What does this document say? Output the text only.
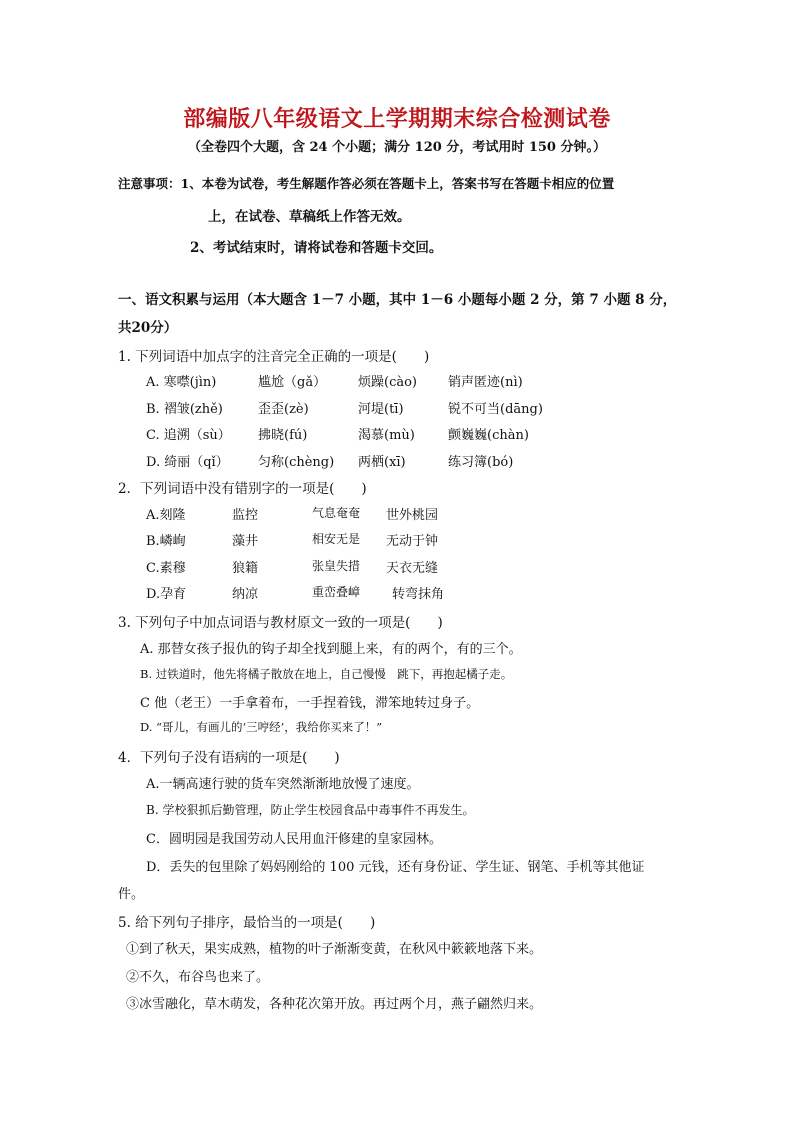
部编版八年级语文上学期期末综合检测试卷
（全卷四个大题，含 24 个小题；满分 120 分，考试用时 150 分钟。）
注意事项：1、本卷为试卷，考生解题作答必须在答题卡上，答案书写在答题卡相应的位置
上，在试卷、草稿纸上作答无效。
2、考试结束时，请将试卷和答题卡交回。
一、语文积累与运用（本大题含 1－7 小题，其中 1－6 小题每小题 2 分，第 7 小题 8 分，
共20分）
1. 下列词语中加点字的注音完全正确的一项是(　　)
A. 寒噤(jìn)	尴尬（gǎ） 烦躁(cào) 销声匿迹(nì)
B. 褶皱(zhě)	歪歪(zè)	河堤(tī)	锐不可当(dāng)
C. 追溯（sù） 拂晓(fú)	渴慕(mù)	颤巍巍(chàn)
D. 绮丽（qǐ） 匀称(chèng) 两栖(xī)	练习簿(bó)
2．下列词语中没有错别字的一项是(　　)
A.刻隆	监控	气息奄奄 世外桃园
B.嶙峋	藻井	相安无是 无动于钟
C.素穆	狼籍	张皇失措 天衣无缝
D.孕育	纳凉	重峦叠嶂 转弯抹角
3. 下列句子中加点词语与教材原文一致的一项是(　　)
A. 那替女孩子报仇的钩子却全找到腿上来，有的两个，有的三个。
B. 过铁道时，他先将橘子散放在地上，自己慢慢　跳下，再抱起橘子走。
C 他（老王）一手拿着布，一手捏着钱，滞笨地转过身子。
D. “哥儿，有画儿的‘三哼经’，我给你买来了！”
4．下列句子没有语病的一项是(　　)
A.一辆高速行驶的货车突然渐渐地放慢了速度。
B. 学校狠抓后勤管理，防止学生校园食品中毒事件不再发生。
C．圆明园是我国劳动人民用血汗修建的皇家园林。
D．丢失的包里除了妈妈刚给的 100 元钱，还有身份证、学生证、钢笔、手机等其他证
件。
5. 给下列句子排序，最恰当的一项是(　　)
①到了秋天，果实成熟，植物的叶子渐渐变黄，在秋风中簌簌地落下来。
②不久，布谷鸟也来了。
③冰雪融化，草木萌发，各种花次第开放。再过两个月，燕子翩然归来。
